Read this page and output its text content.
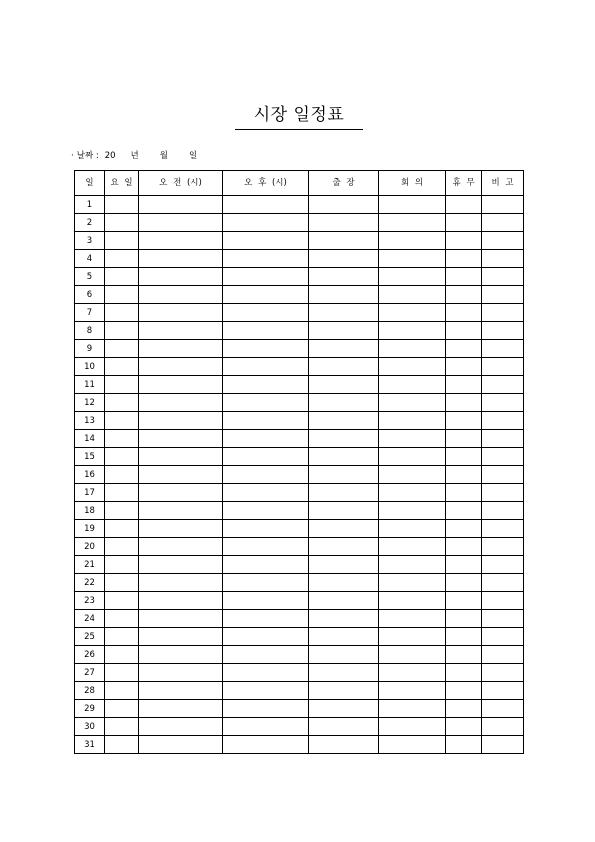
시장 일정표
· 날짜 : 20 년 월 일
일	요 일	오 전 (시)	오 후 (시)	출 장	회 의	휴 무	비 고
1							
2							
3							
4							
5							
6							
7							
8							
9							
10							
11							
12							
13							
14							
15							
16							
17							
18							
19							
20							
21							
22							
23							
24							
25							
26							
27							
28							
29							
30							
31							
